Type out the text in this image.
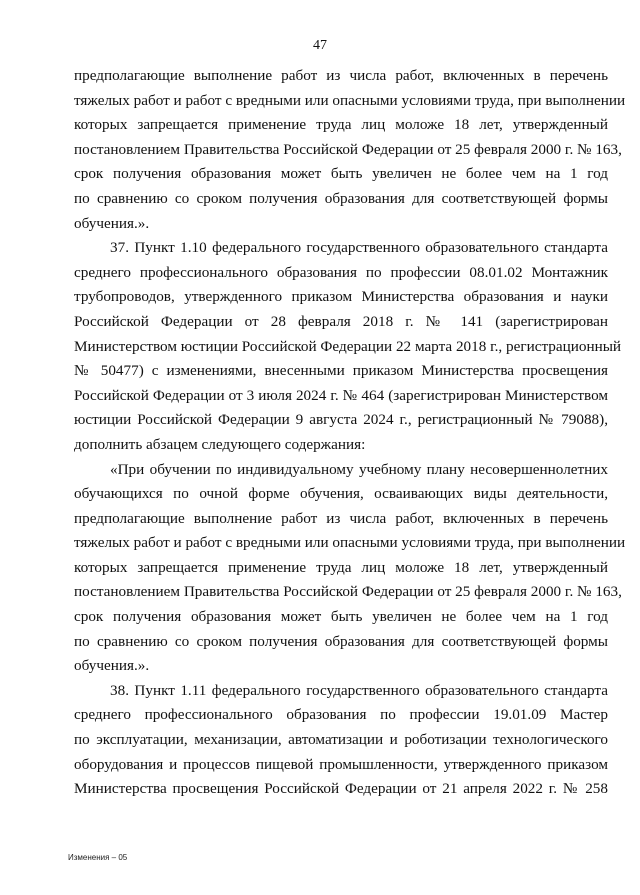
47
предполагающие выполнение работ из числа работ, включенных в перечень
тяжелых работ и работ с вредными или опасными условиями труда, при выполнении
которых запрещается применение труда лиц моложе 18 лет, утвержденный
постановлением Правительства Российской Федерации от 25 февраля 2000 г. № 163,
срок получения образования может быть увеличен не более чем на 1 год
по сравнению со сроком получения образования для соответствующей формы
обучения.».
37. Пункт 1.10 федерального государственного образовательного стандарта
среднего профессионального образования по профессии 08.01.02 Монтажник
трубопроводов, утвержденного приказом Министерства образования и науки
Российской Федерации от 28 февраля 2018 г. № 141 (зарегистрирован
Министерством юстиции Российской Федерации 22 марта 2018 г., регистрационный
№ 50477) с изменениями, внесенными приказом Министерства просвещения
Российской Федерации от 3 июля 2024 г. № 464 (зарегистрирован Министерством
юстиции Российской Федерации 9 августа 2024 г., регистрационный № 79088),
дополнить абзацем следующего содержания:
«При обучении по индивидуальному учебному плану несовершеннолетних
обучающихся по очной форме обучения, осваивающих виды деятельности,
предполагающие выполнение работ из числа работ, включенных в перечень
тяжелых работ и работ с вредными или опасными условиями труда, при выполнении
которых запрещается применение труда лиц моложе 18 лет, утвержденный
постановлением Правительства Российской Федерации от 25 февраля 2000 г. № 163,
срок получения образования может быть увеличен не более чем на 1 год
по сравнению со сроком получения образования для соответствующей формы
обучения.».
38. Пункт 1.11 федерального государственного образовательного стандарта
среднего профессионального образования по профессии 19.01.09 Мастер
по эксплуатации, механизации, автоматизации и роботизации технологического
оборудования и процессов пищевой промышленности, утвержденного приказом
Министерства просвещения Российской Федерации от 21 апреля 2022 г. № 258
Изменения – 05
